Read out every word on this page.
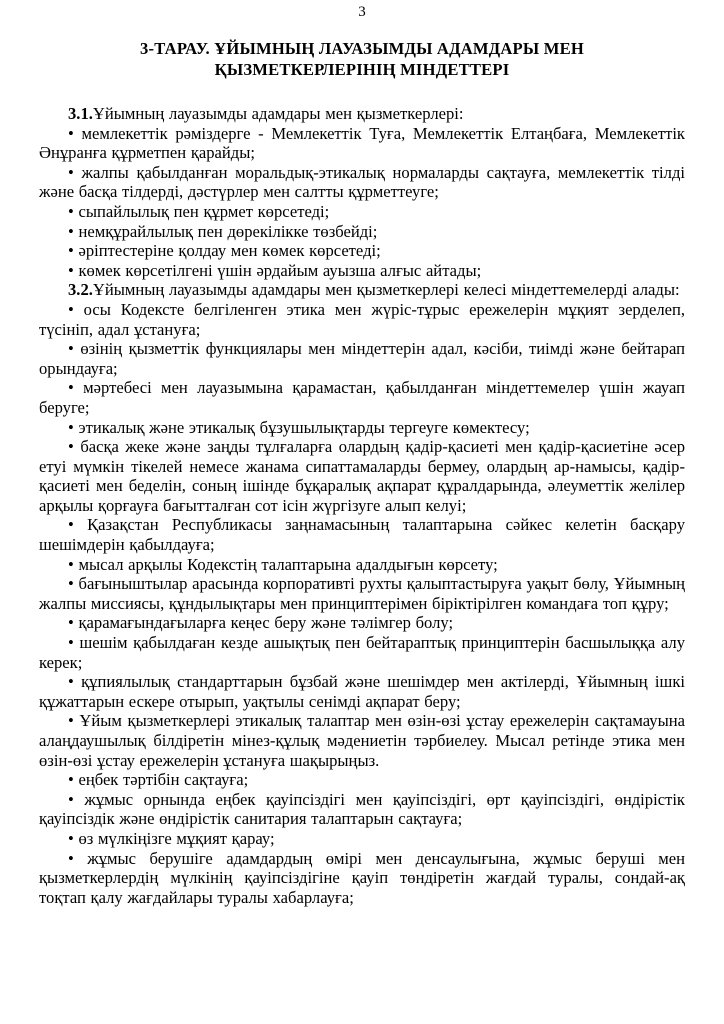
3
3-ТАРАУ. ҰЙЫМНЫҢ ЛАУАЗЫМДЫ АДАМДАРЫ МЕН ҚЫЗМЕТКЕРЛЕРІНІҢ МІНДЕТТЕРІ

3.1.Ұйымның лауазымды адамдары мен қызметкерлері:

• мемлекеттік рәміздерге - Мемлекеттік Туға, Мемлекеттік Елтаңбаға, Мемлекеттік Әнұранға құрметпен қарайды;

• жалпы қабылданған моральдық-этикалық нормаларды сақтауға, мемлекеттік тілді және басқа тілдерді, дәстүрлер мен салтты құрметтеуге;

• сыпайлылық пен құрмет көрсетеді;

• немқұрайлылық пен дөрекілікке төзбейді;

• әріптестеріне қолдау мен көмек көрсетеді;

• көмек көрсетілгені үшін әрдайым ауызша алғыс айтады;

3.2.Ұйымның лауазымды адамдары мен қызметкерлері келесі міндеттемелерді алады:

• осы Кодексте белгіленген этика мен жүріс-тұрыс ережелерін мұқият зерделеп, түсініп, адал ұстануға;

• өзінің қызметтік функциялары мен міндеттерін адал, кәсіби, тиімді және бейтарап орындауға;

• мәртебесі мен лауазымына қарамастан, қабылданған міндеттемелер үшін жауап беруге;

• этикалық және этикалық бұзушылықтарды тергеуге көмектесу;

• басқа жеке және заңды тұлғаларға олардың қадір-қасиеті мен қадір-қасиетіне әсер етуі мүмкін тікелей немесе жанама сипаттамаларды бермеу, олардың ар-намысы, қадір-қасиеті мен беделін, соның ішінде бұқаралық ақпарат құралдарында, әлеуметтік желілер арқылы қорғауға бағытталған сот ісін жүргізуге алып келуі;

• Қазақстан Республикасы заңнамасының талаптарына сәйкес келетін басқару шешімдерін қабылдауға;

• мысал арқылы Кодекстің талаптарына адалдығын көрсету;

• бағыныштылар арасында корпоративті рухты қалыптастыруға уақыт бөлу, Ұйымның жалпы миссиясы, құндылықтары мен принциптерімен біріктірілген командаға топ құру;

• қарамағындағыларға кеңес беру және тәлімгер болу;

• шешім қабылдаған кезде ашықтық пен бейтараптық принциптерін басшылыққа алу керек;

• құпиялылық стандарттарын бұзбай және шешімдер мен актілерді, Ұйымның ішкі құжаттарын ескере отырып, уақтылы сенімді ақпарат беру;

• Ұйым қызметкерлері этикалық талаптар мен өзін-өзі ұстау ережелерін сақтамауына алаңдаушылық білдіретін мінез-құлық мәдениетін тәрбиелеу. Мысал ретінде этика мен өзін-өзі ұстау ережелерін ұстануға шақырыңыз.

• еңбек тәртібін сақтауға;

• жұмыс орнында еңбек қауіпсіздігі мен қауіпсіздігі, өрт қауіпсіздігі, өндірістік қауіпсіздік және өндірістік санитария талаптарын сақтауға;

• өз мүлкіңізге мұқият қарау;

• жұмыс берушіге адамдардың өмірі мен денсаулығына, жұмыс беруші мен қызметкерлердің мүлкінің қауіпсіздігіне қауіп төндіретін жағдай туралы, сондай-ақ тоқтап қалу жағдайлары туралы хабарлауға;
